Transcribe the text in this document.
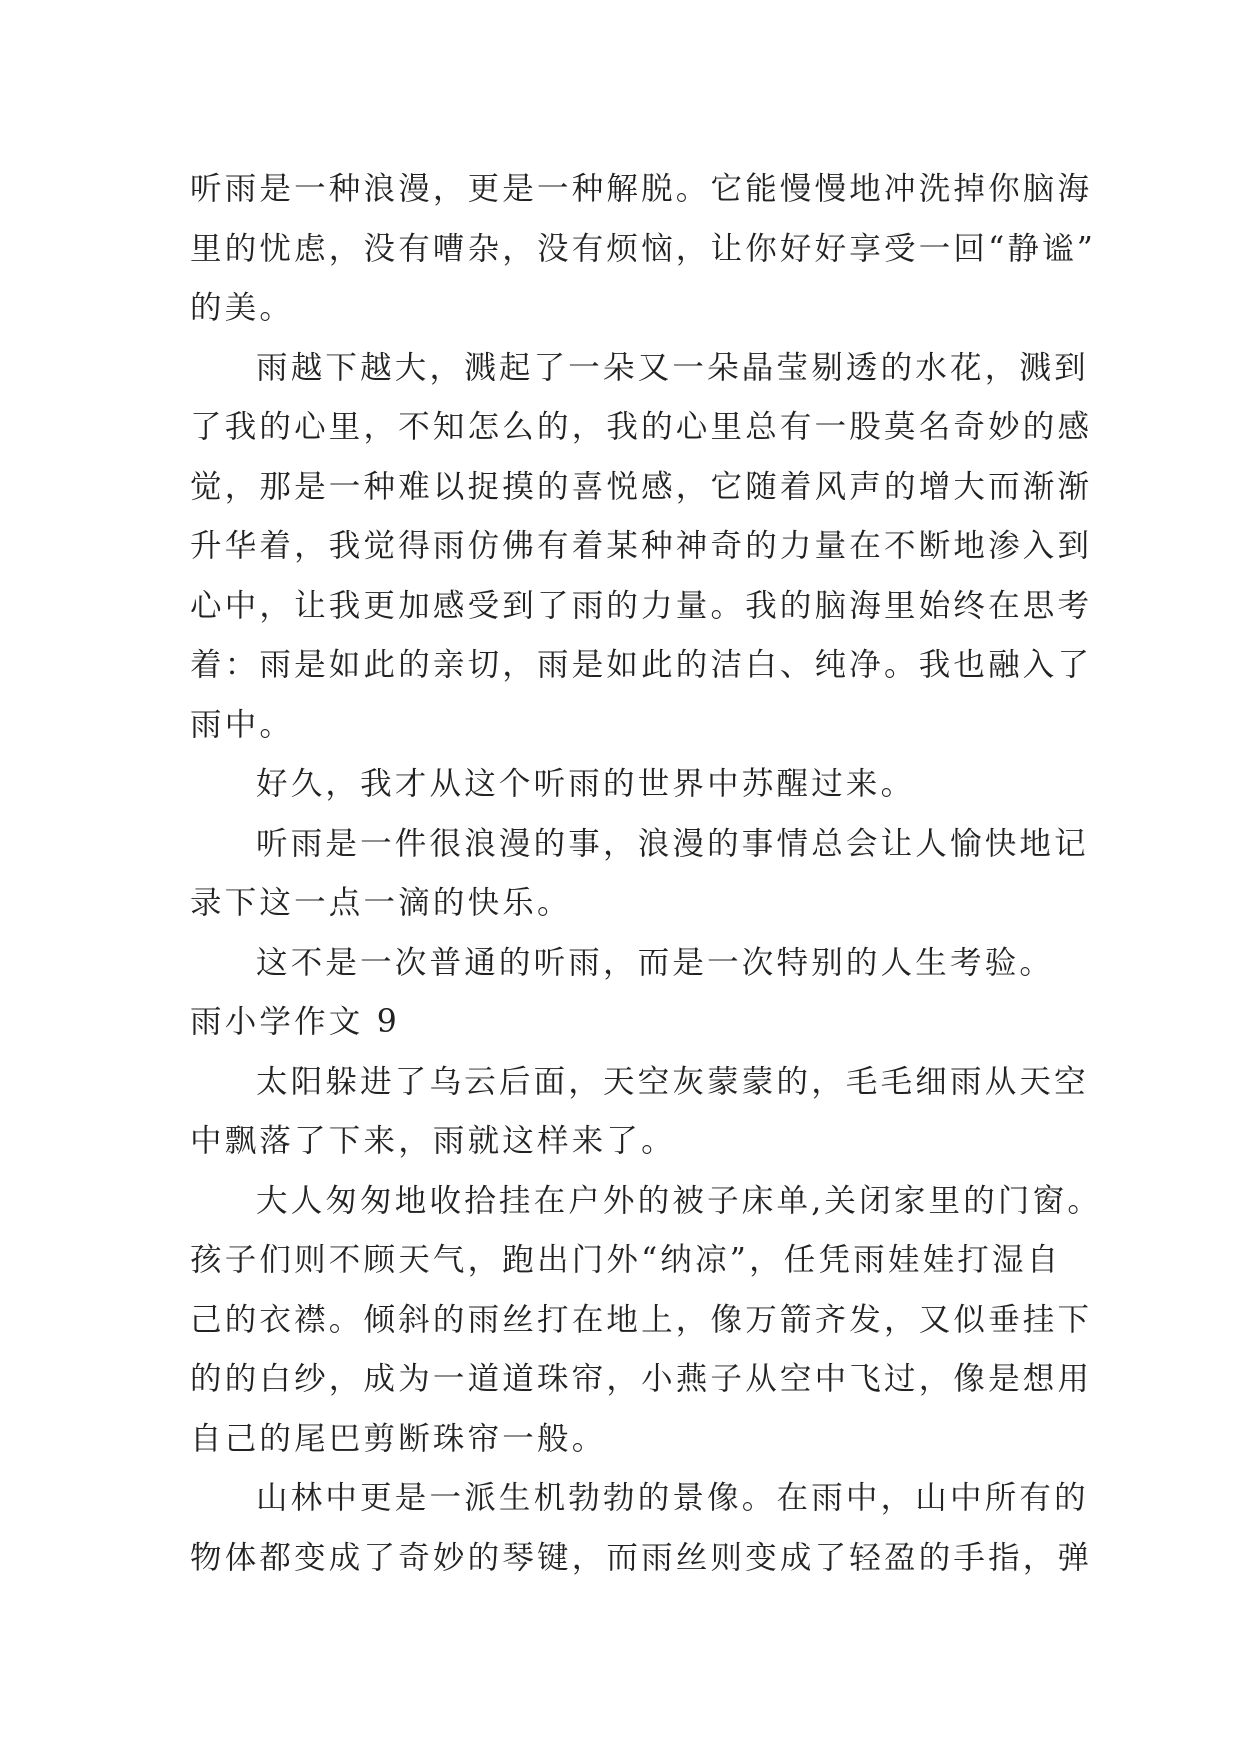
听雨是一种浪漫，更是一种解脱。它能慢慢地冲洗掉你脑海
里的忧虑，没有嘈杂，没有烦恼，让你好好享受一回“静谧”
的美。
雨越下越大，溅起了一朵又一朵晶莹剔透的水花，溅到
了我的心里，不知怎么的，我的心里总有一股莫名奇妙的感
觉，那是一种难以捉摸的喜悦感，它随着风声的增大而渐渐
升华着，我觉得雨仿佛有着某种神奇的力量在不断地渗入到
心中，让我更加感受到了雨的力量。我的脑海里始终在思考
着：雨是如此的亲切，雨是如此的洁白、纯净。我也融入了
雨中。
好久，我才从这个听雨的世界中苏醒过来。
听雨是一件很浪漫的事，浪漫的事情总会让人愉快地记
录下这一点一滴的快乐。
这不是一次普通的听雨，而是一次特别的人生考验。
雨小学作文 9
太阳躲进了乌云后面，天空灰蒙蒙的，毛毛细雨从天空
中飘落了下来，雨就这样来了。
大人匆匆地收拾挂在户外的被子床单,关闭家里的门窗。
孩子们则不顾天气，跑出门外“纳凉”，任凭雨娃娃打湿自
己的衣襟。倾斜的雨丝打在地上，像万箭齐发，又似垂挂下
的的白纱，成为一道道珠帘，小燕子从空中飞过，像是想用
自己的尾巴剪断珠帘一般。
山林中更是一派生机勃勃的景像。在雨中，山中所有的
物体都变成了奇妙的琴键，而雨丝则变成了轻盈的手指，弹
